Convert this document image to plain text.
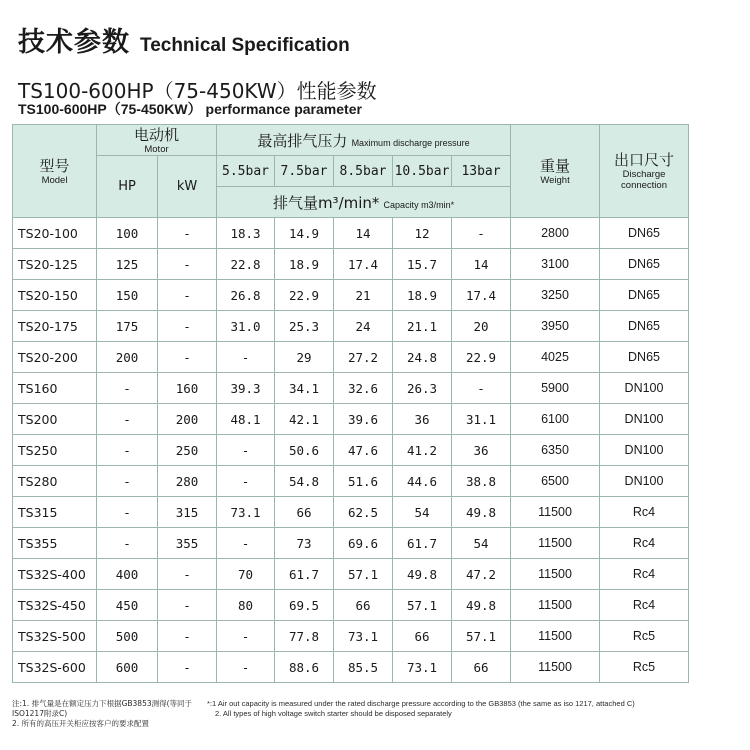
技术参数 Technical Specification
TS100-600HP（75-450KW）性能参数
TS100-600HP（75-450KW） performance parameter
型号
Model	电动机
Motor		最高排气压力 Maximum discharge pressure					重量
Weight	出口尺寸
Discharge
connection

	HP	kW	5.5bar	7.5bar	8.5bar	10.5bar	13bar		
			排气量m³/min* Capacity m3/min*						
TS20-100	100	-	18.3	14.9	14	12	-	2800	DN65
TS20-125	125	-	22.8	18.9	17.4	15.7	14	3100	DN65
TS20-150	150	-	26.8	22.9	21	18.9	17.4	3250	DN65
TS20-175	175	-	31.0	25.3	24	21.1	20	3950	DN65
TS20-200	200	-	-	29	27.2	24.8	22.9	4025	DN65
TS160	-	160	39.3	34.1	32.6	26.3	-	5900	DN100
TS200	-	200	48.1	42.1	39.6	36	31.1	6100	DN100
TS250	-	250	-	50.6	47.6	41.2	36	6350	DN100
TS280	-	280	-	54.8	51.6	44.6	38.8	6500	DN100
TS315	-	315	73.1	66	62.5	54	49.8	11500	Rc4
TS355	-	355	-	73	69.6	61.7	54	11500	Rc4
TS32S-400	400	-	70	61.7	57.1	49.8	47.2	11500	Rc4
TS32S-450	450	-	80	69.5	66	57.1	49.8	11500	Rc4
TS32S-500	500	-	-	77.8	73.1	66	57.1	11500	Rc5
TS32S-600	600	-	-	88.6	85.5	73.1	66	11500	Rc5
注:1. 排气量是在额定压力下根据GB3853测得(等同于ISO1217附录C)
2. 所有的高压开关柜应按客户的要求配置
*:1 Air out capacity is measured under the rated discharge pressure according to the GB3853 (the same as iso 1217, attached C)
2. All types of high voltage switch starter should be disposed separately
